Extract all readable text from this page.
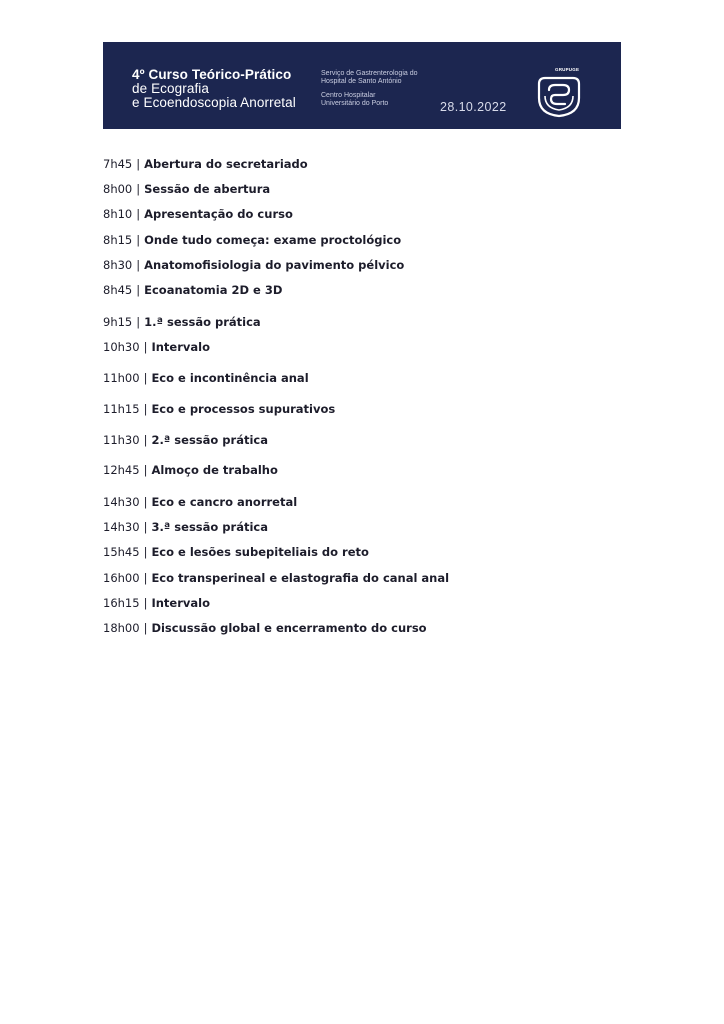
4º Curso Teórico-Prático
de Ecografia
e Ecoendoscopia Anorretal
Serviço de Gastrenterologia do
Hospital de Santo António
Centro Hospitalar
Universitário do Porto	28.10.2022
GRUPUGE
7h45 | Abertura do secretariado
8h00 | Sessão de abertura
8h10 | Apresentação do curso
8h15 | Onde tudo começa: exame proctológico
8h30 | Anatomofisiologia do pavimento pélvico
8h45 | Ecoanatomia 2D e 3D
9h15 | 1.ª sessão prática
10h30 | Intervalo
11h00 | Eco e incontinência anal
11h15 | Eco e processos supurativos
11h30 | 2.ª sessão prática
12h45 | Almoço de trabalho
14h30 | Eco e cancro anorretal
14h30 | 3.ª sessão prática
15h45 | Eco e lesões subepiteliais do reto
16h00 | Eco transperineal e elastografia do canal anal
16h15 | Intervalo
18h00 | Discussão global e encerramento do curso
